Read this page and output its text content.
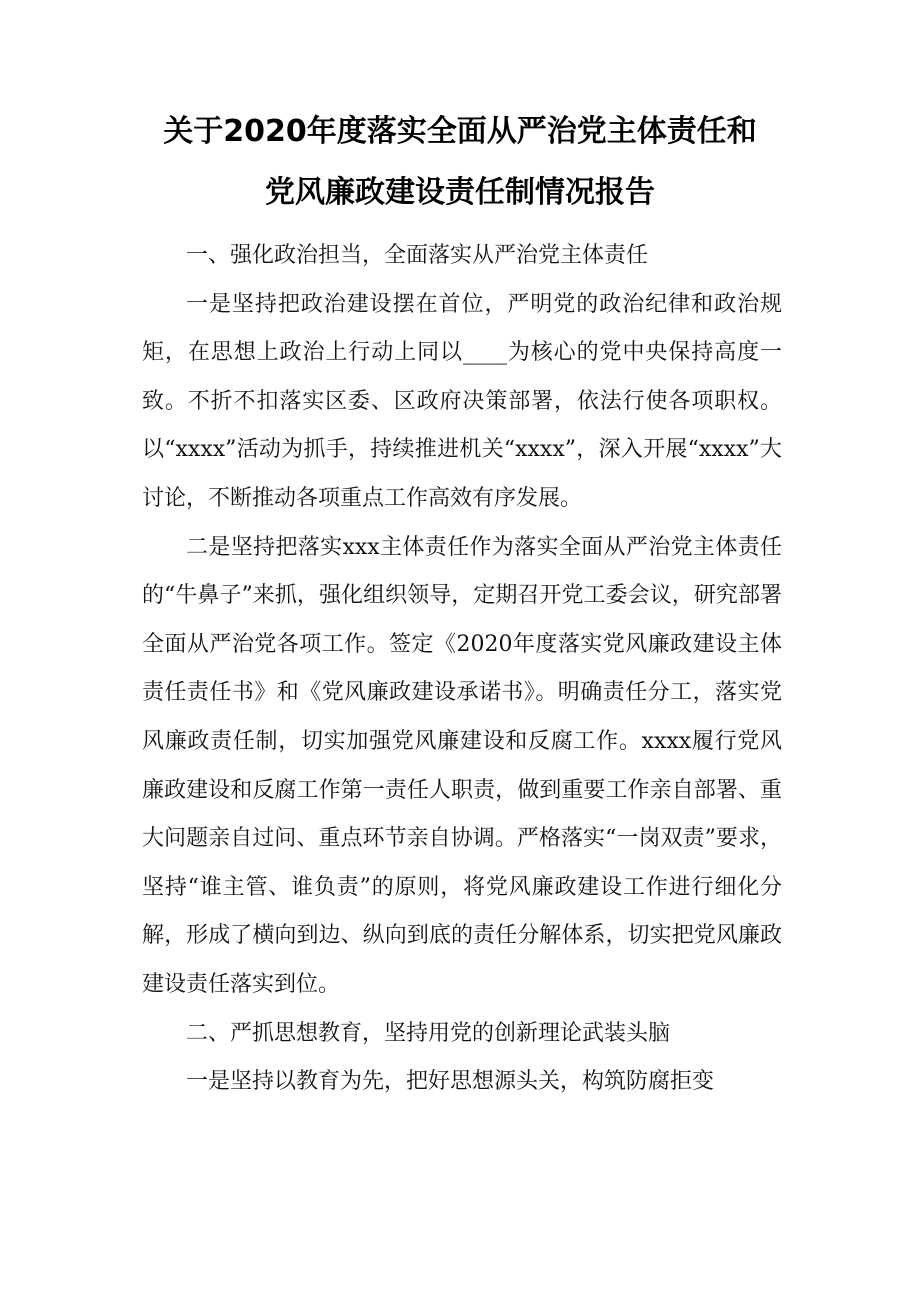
关于2020年度落实全面从严治党主体责任和
党风廉政建设责任制情况报告

一、强化政治担当，全面落实从严治党主体责任

一是坚持把政治建设摆在首位，严明党的政治纪律和政治规矩，在思想上政治上行动上同以____为核心的党中央保持高度一致。不折不扣落实区委、区政府决策部署，依法行使各项职权。以“xxxx”活动为抓手，持续推进机关“xxxx”，深入开展“xxxx”大讨论，不断推动各项重点工作高效有序发展。

二是坚持把落实xxx主体责任作为落实全面从严治党主体责任的“牛鼻子”来抓，强化组织领导，定期召开党工委会议，研究部署全面从严治党各项工作。签定《2020年度落实党风廉政建设主体责任责任书》和《党风廉政建设承诺书》。明确责任分工，落实党风廉政责任制，切实加强党风廉建设和反腐工作。xxxx履行党风廉政建设和反腐工作第一责任人职责，做到重要工作亲自部署、重大问题亲自过问、重点环节亲自协调。严格落实“一岗双责”要求，坚持“谁主管、谁负责”的原则，将党风廉政建设工作进行细化分解，形成了横向到边、纵向到底的责任分解体系，切实把党风廉政建设责任落实到位。

二、严抓思想教育，坚持用党的创新理论武装头脑

一是坚持以教育为先，把好思想源头关，构筑防腐拒变
